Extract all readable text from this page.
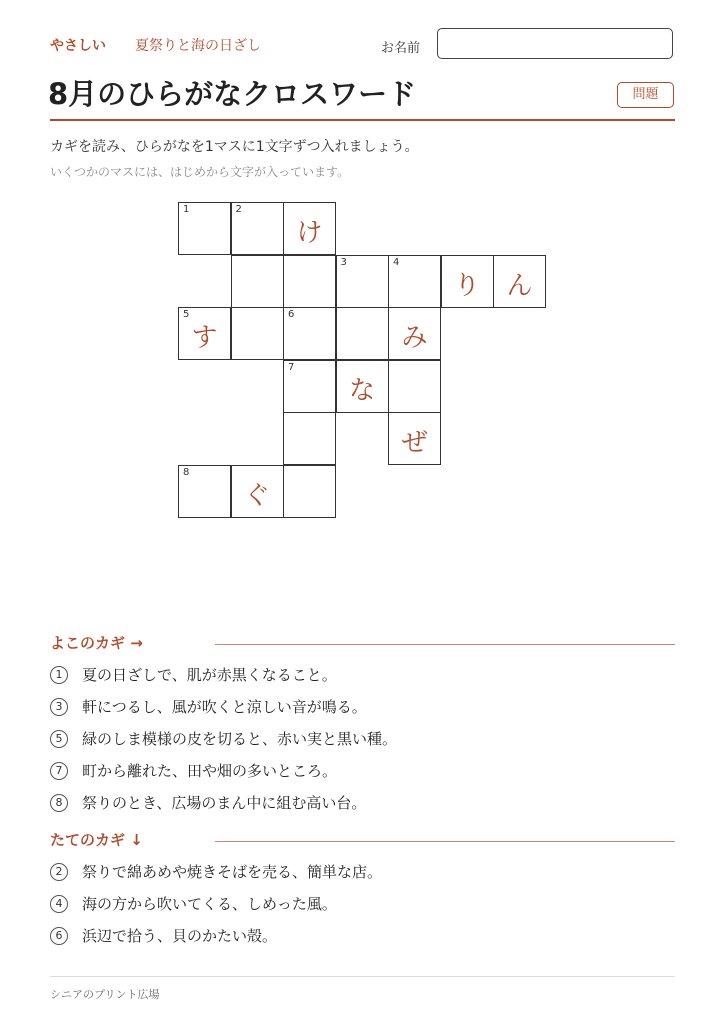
やさしい 夏祭りと海の日ざし	お名前
8月のひらがなクロスワード	問題
カギを読み、ひらがなを1マスに1文字ずつ入れましょう。
いくつかのマスには、はじめから文字が入っています。
1	2
け
3	4
り	ん
5
す
6
み
7
な
ぜ
8
ぐ
よこのカギ →
1	夏の日ざしで、肌が赤黒くなること。
3	軒につるし、風が吹くと涼しい音が鳴る。
5	緑のしま模様の皮を切ると、赤い実と黒い種。
7	町から離れた、田や畑の多いところ。
8	祭りのとき、広場のまん中に組む高い台。
たてのカギ ↓
2	祭りで綿あめや焼きそばを売る、簡単な店。
4	海の方から吹いてくる、しめった風。
6	浜辺で拾う、貝のかたい殻。
シニアのプリント広場
